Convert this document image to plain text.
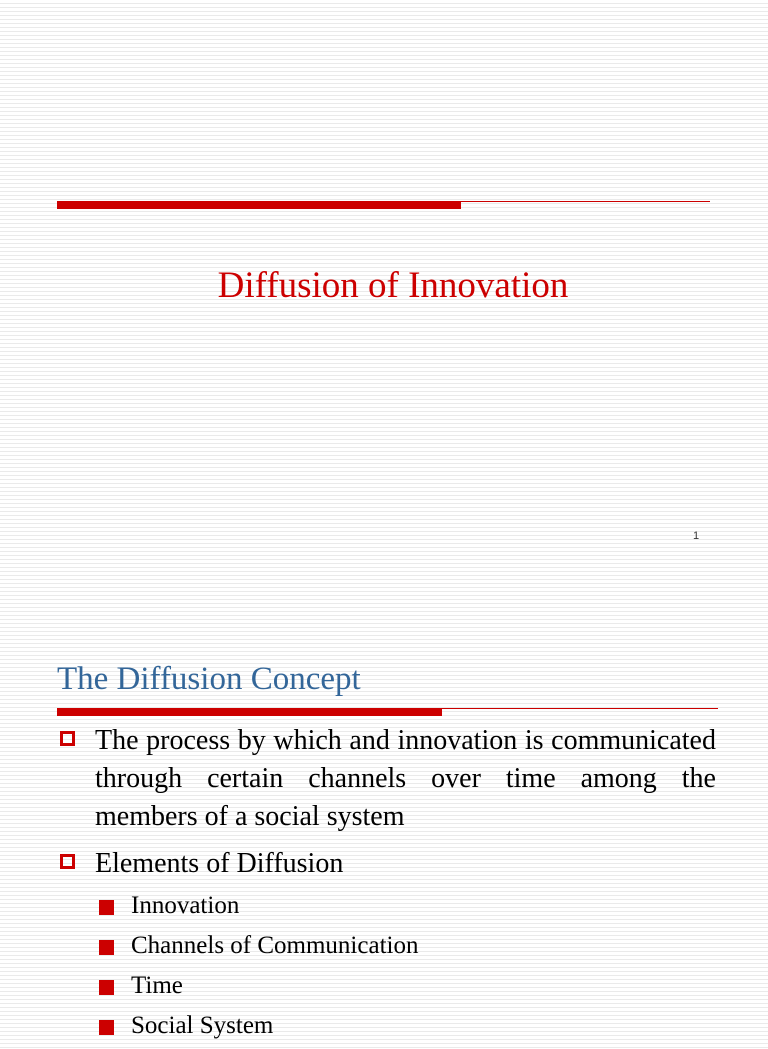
Diffusion of Innovation
1
The Diffusion Concept
The process by which and innovation is communicated through certain channels over time among the members of a social system
Elements of Diffusion
Innovation
Channels of Communication
Time
Social System
